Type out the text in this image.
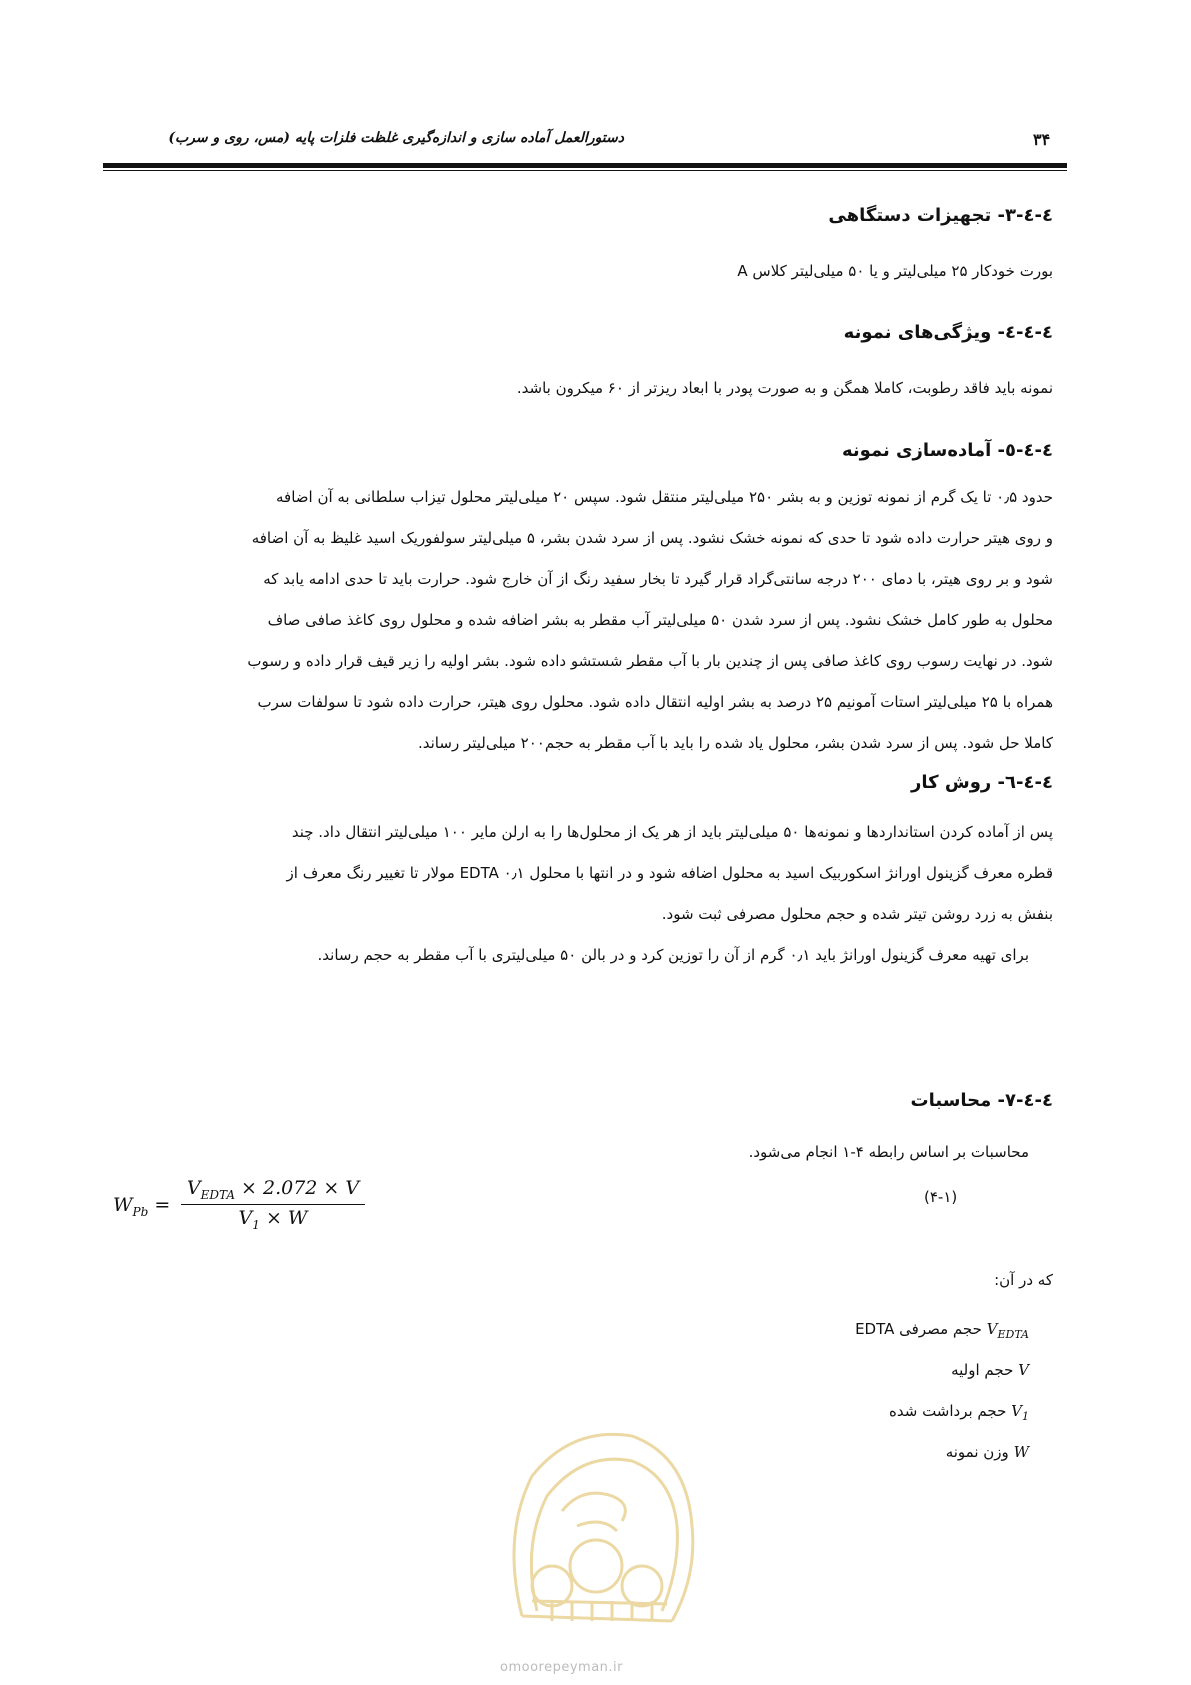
دستورالعمل آماده سازی و اندازه‌گیری غلظت فلزات پایه (مس، روی و سرب)	۳۴
٤-٤-٣- تجهیزات دستگاهی
بورت خودکار ۲۵ میلی‌لیتر و یا ۵۰ میلی‌لیتر کلاس A
٤-٤-٤- ویژگی‌های نمونه
نمونه باید فاقد رطوبت، کاملا همگن و به صورت پودر با ابعاد ریزتر از ۶۰ میکرون باشد.
٤-٤-٥- آماده‌سازی نمونه
حدود ۰٫۵ تا یک گرم از نمونه توزین و به بشر ۲۵۰ میلی‌لیتر منتقل شود. سپس ۲۰ میلی‌لیتر محلول تیزاب سلطانی به آن اضافه
و روی هیتر حرارت داده شود تا حدی که نمونه خشک نشود. پس از سرد شدن بشر، ۵ میلی‌لیتر سولفوریک اسید غلیظ به آن اضافه
شود و بر روی هیتر، با دمای ۲۰۰ درجه سانتی‌گراد قرار گیرد تا بخار سفید رنگ از آن خارج شود. حرارت باید تا حدی ادامه یابد که
محلول به طور کامل خشک نشود. پس از سرد شدن ۵۰ میلی‌لیتر آب مقطر به بشر اضافه شده و محلول روی کاغذ صافی صاف
شود. در نهایت رسوب روی کاغذ صافی پس از چندین بار با آب مقطر شستشو داده شود. بشر اولیه را زیر قیف قرار داده و رسوب
همراه با ۲۵ میلی‌لیتر استات آمونیم ۲۵ درصد به بشر اولیه انتقال داده شود. محلول روی هیتر، حرارت داده شود تا سولفات سرب
کاملا حل شود. پس از سرد شدن بشر، محلول یاد شده را باید با آب مقطر به حجم۲۰۰ میلی‌لیتر رساند.
٤-٤-٦- روش کار
پس از آماده کردن استانداردها و نمونه‌ها ۵۰ میلی‌لیتر باید از هر یک از محلول‌ها را به ارلن مایر ۱۰۰ میلی‌لیتر انتقال داد. چند
قطره معرف گزینول اورانژ اسکوربیک اسید به محلول اضافه شود و در انتها با محلول EDTA ۰٫۱ مولار تا تغییر رنگ معرف از
بنفش به زرد روشن تیتر شده و حجم محلول مصرفی ثبت شود.
برای تهیه معرف گزینول اورانژ باید ۰٫۱ گرم از آن را توزین کرد و در بالن ۵۰ میلی‌لیتری با آب مقطر به حجم رساند.
٤-٤-٧- محاسبات
محاسبات بر اساس رابطه ۴-۱ انجام می‌شود.
(۴-۱)
$W_{Pb}$ =
$V_{EDTA} \times 2.072 \times V$
$V_1 \times W$
که در آن:
$V_{EDTA}$ حجم مصرفی EDTA
V حجم اولیه
$V_1$ حجم برداشت شده
W وزن نمونه
omoorepeyman.ir
